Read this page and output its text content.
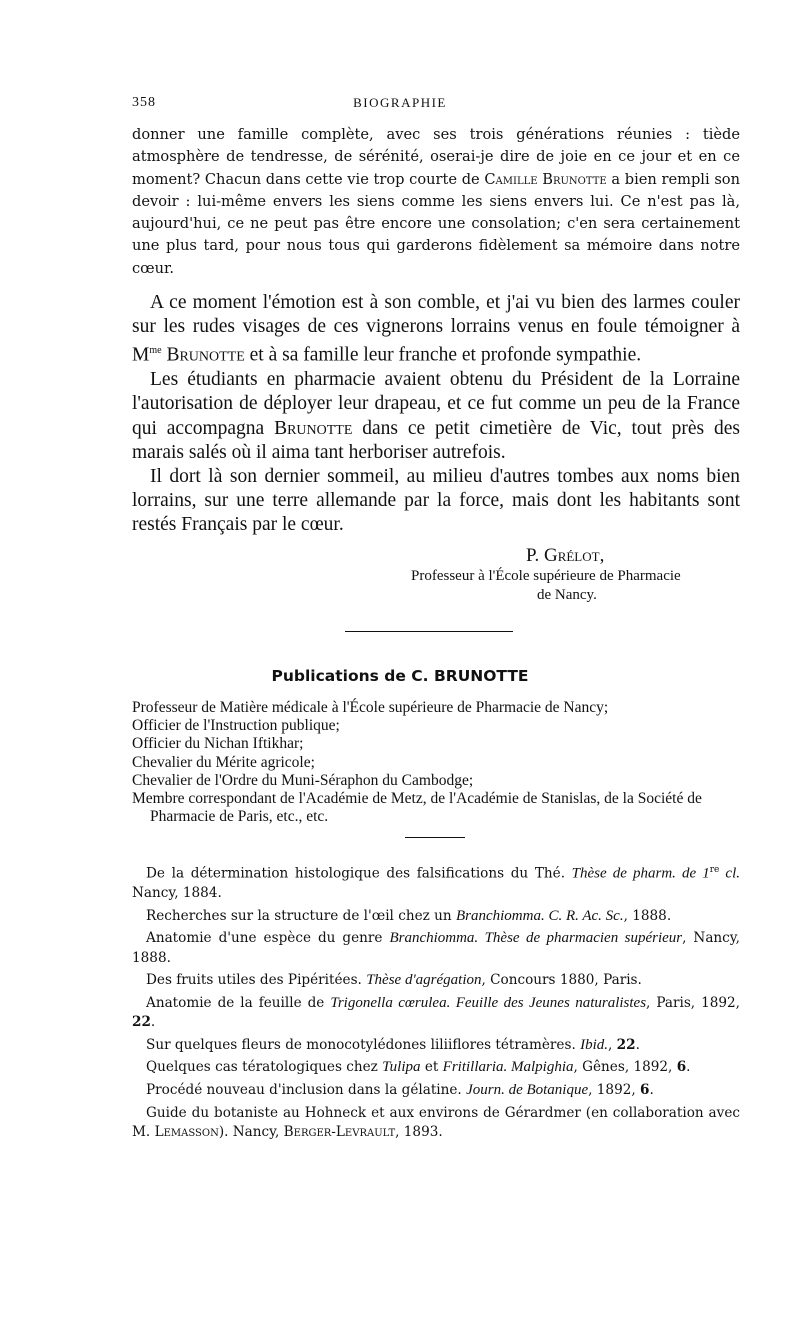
358	BIOGRAPHIE
donner une famille complète, avec ses trois générations réunies : tiède atmosphère de tendresse, de sérénité, oserai-je dire de joie en ce jour et en ce moment? Chacun dans cette vie trop courte de Camille Brunotte a bien rempli son devoir : lui-même envers les siens comme les siens envers lui. Ce n'est pas là, aujourd'hui, ce ne peut pas être encore une consolation; c'en sera certainement une plus tard, pour nous tous qui garderons fidèlement sa mémoire dans notre cœur.

A ce moment l'émotion est à son comble, et j'ai vu bien des larmes couler sur les rudes visages de ces vignerons lorrains venus en foule témoigner à $M^{me}$ Brunotte et à sa famille leur franche et profonde sympathie.

Les étudiants en pharmacie avaient obtenu du Président de la Lorraine l'autorisation de déployer leur drapeau, et ce fut comme un peu de la France qui accompagna Brunotte dans ce petit cimetière de Vic, tout près des marais salés où il aima tant herboriser autrefois.

Il dort là son dernier sommeil, au milieu d'autres tombes aux noms bien lorrains, sur une terre allemande par la force, mais dont les habitants sont restés Français par le cœur.

P. Grélot,
Professeur à l'École supérieure de Pharmacie
de Nancy.
Publications de C. BRUNOTTE
Professeur de Matière médicale à l'École supérieure de Pharmacie de Nancy;
Officier de l'Instruction publique;
Officier du Nichan Iftikhar;
Chevalier du Mérite agricole;
Chevalier de l'Ordre du Muni-Séraphon du Cambodge;
Membre correspondant de l'Académie de Metz, de l'Académie de Stanislas, de la Société de Pharmacie de Paris, etc., etc.
De la détermination histologique des falsifications du Thé. Thèse de pharm. de 1re cl. Nancy, 1884.
Recherches sur la structure de l'œil chez un Branchiomma. C. R. Ac. Sc., 1888.
Anatomie d'une espèce du genre Branchiomma. Thèse de pharmacien supérieur, Nancy, 1888.
Des fruits utiles des Pipéritées. Thèse d'agrégation, Concours 1880, Paris.
Anatomie de la feuille de Trigonella cœrulea. Feuille des Jeunes naturalistes, Paris, 1892, 22.
Sur quelques fleurs de monocotylédones liliiflores tétramères. Ibid., 22.
Quelques cas tératologiques chez Tulipa et Fritillaria. Malpighia, Gênes, 1892, 6.
Procédé nouveau d'inclusion dans la gélatine. Journ. de Botanique, 1892, 6.
Guide du botaniste au Hohneck et aux environs de Gérardmer (en collaboration avec M. Lemasson). Nancy, Berger-Levrault, 1893.
